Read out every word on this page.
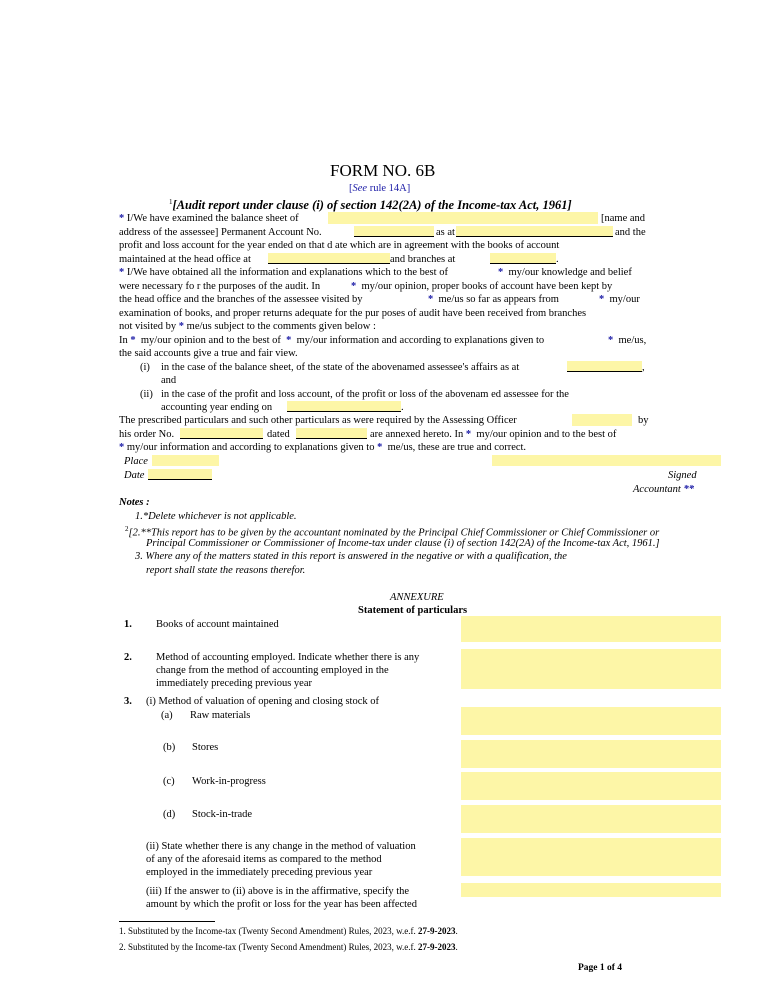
FORM NO. 6B
[See rule 14A]
$^1$[Audit report under clause (i) of section 142(2A) of the Income-tax Act, 1961]
* I/We have examined the balance sheet of	[name and
address of the assessee] Permanent Account No.	as at	and the
profit and loss account for the year ended on that d ate which are in agreement with the books of account
maintained at the head office at	and branches at	.
* I/We have obtained all the information and explanations which to the best of	* my/our knowledge and belief
were necessary fo r the purposes of the audit. In	* my/our opinion, proper books of account have been kept by
the head office and the branches of the assessee visited by	* me/us so far as appears from	* my/our
examination of books, and proper returns adequate for the pur poses of audit have been received from branches
not visited by * me/us subject to the comments given below :
In * my/our opinion and to the best of * my/our information and according to explanations given to	* me/us,
the said accounts give a true and fair view.
(i) in the case of the balance sheet, of the state of the abovenamed assessee's affairs as at	,
and
(ii) in the case of the profit and loss account, of the profit or loss of the abovenam ed assessee for the
accounting year ending on	.
The prescribed particulars and such other particulars as were required by the Assessing Officer	by
his order No.	dated	are annexed hereto. In * my/our opinion and to the best of
* my/our information and according to explanations given to * me/us, these are true and correct.
Place
Date	Signed
Accountant **
Notes :
1.*Delete whichever is not applicable.
$^2$[2.**This report has to be given by the accountant nominated by the Principal Chief Commissioner or Chief Commissioner or
Principal Commissioner or Commissioner of Income-tax under clause (i) of section 142(2A) of the Income-tax Act, 1961.]
3. Where any of the matters stated in this report is answered in the negative or with a qualification, the
report shall state the reasons therefor.
ANNEXURE
Statement of particulars
1. Books of account maintained
2. Method of accounting employed. Indicate whether there is any
change from the method of accounting employed in the
immediately preceding previous year
3. (i) Method of valuation of opening and closing stock of
(a) Raw materials
(b) Stores
(c) Work-in-progress
(d) Stock-in-trade
(ii) State whether there is any change in the method of valuation
of any of the aforesaid items as compared to the method
employed in the immediately preceding previous year
(iii) If the answer to (ii) above is in the affirmative, specify the
amount by which the profit or loss for the year has been affected
1. Substituted by the Income-tax (Twenty Second Amendment) Rules, 2023, w.e.f. 27-9-2023.
2. Substituted by the Income-tax (Twenty Second Amendment) Rules, 2023, w.e.f. 27-9-2023.
Page 1 of 4
